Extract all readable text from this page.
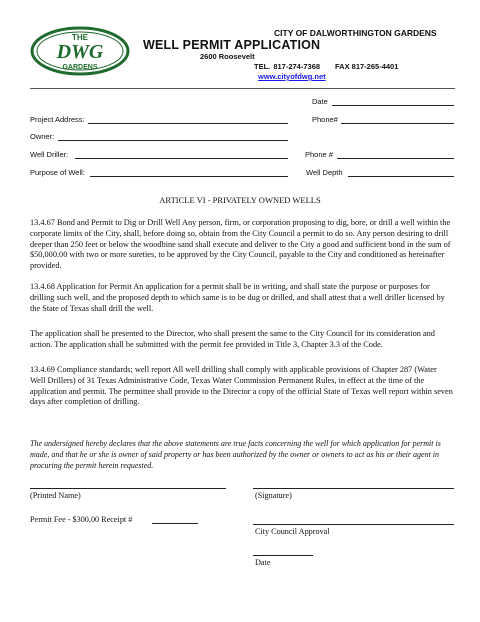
THE
DWG
GARDENS
WELL PERMIT APPLICATION
CITY OF DALWORTHINGTON GARDENS
2600 Roosevelt
TEL. 817-274-7368 FAX 817-265-4401
www.cityofdwg.net
Date
Project Address:	Phone#
Owner:
Well Driller:	Phone #
Purpose of Well:	Well Depth
ARTICLE VI - PRIVATELY OWNED WELLS
13.4.67 Bond and Permit to Dig or Drill Well Any person, firm, or corporation proposing to dig, bore, or drill a well within the corporate limits of the City, shall, before doing so, obtain from the City Council a permit to do so. Any person desiring to drill deeper than 250 feet or below the woodbine sand shall execute and deliver to the City a good and sufficient bond in the sum of $50,000.00 with two or more sureties, to be approved by the City Council, payable to the City and conditioned as hereinafter provided.
13.4.68 Application for Permit An application for a permit shall be in writing, and shall state the purpose or purposes for drilling such well, and the proposed depth to which same is to be dug or drilled, and shall attest that a well driller licensed by the State of Texas shall drill the well.
The application shall be presented to the Director, who shall present the same to the City Council for its consideration and action. The application shall be submitted with the permit fee provided in Title 3, Chapter 3.3 of the Code.
13.4.69 Compliance standards; well report All well drilling shall comply with applicable provisions of Chapter 287 (Water Well Drillers) of 31 Texas Administrative Code, Texas Water Commission Permanent Rules, in effect at the time of the application and permit. The permittee shall provide to the Director a copy of the official State of Texas well report within seven days after completion of drilling.
The undersigned hereby declares that the above statements are true facts concerning the well for which application for permit is made, and that he or she is owner of said property or has been authorized by the owner or owners to act as his or their agent in procuring the permit herein requested.
(Printed Name)	(Signature)
Permit Fee - $300.00 Receipt #
City Council Approval
Date
